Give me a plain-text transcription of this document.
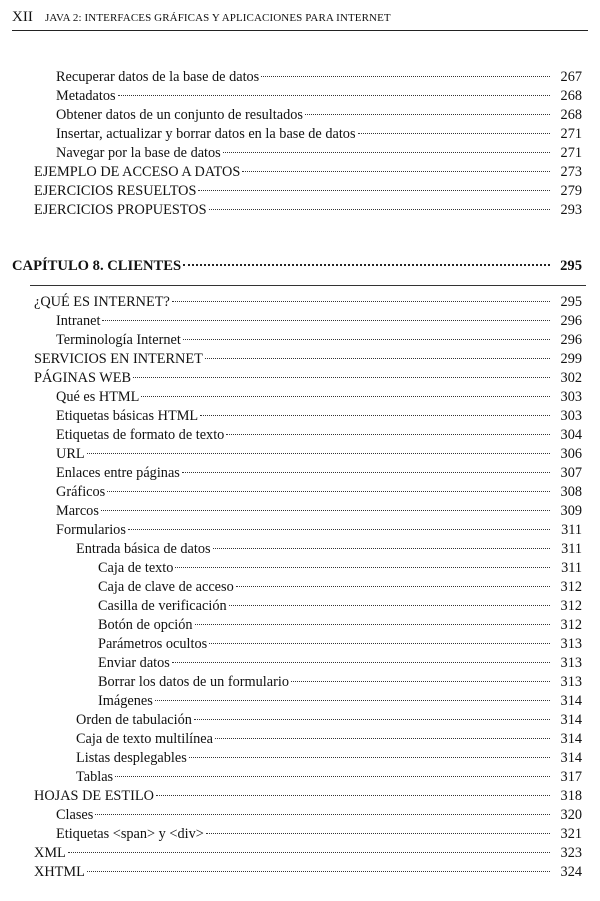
XII JAVA 2: INTERFACES GRÁFICAS Y APLICACIONES PARA INTERNET
Recuperar datos de la base de datos	267
Metadatos	268
Obtener datos de un conjunto de resultados	268
Insertar, actualizar y borrar datos en la base de datos	271
Navegar por la base de datos	271
EJEMPLO DE ACCESO A DATOS	273
EJERCICIOS RESUELTOS	279
EJERCICIOS PROPUESTOS	293
CAPÍTULO 8. CLIENTES	295
¿QUÉ ES INTERNET?	295
Intranet	296
Terminología Internet	296
SERVICIOS EN INTERNET	299
PÁGINAS WEB	302
Qué es HTML	303
Etiquetas básicas HTML	303
Etiquetas de formato de texto	304
URL	306
Enlaces entre páginas	307
Gráficos	308
Marcos	309
Formularios	311
Entrada básica de datos	311
Caja de texto	311
Caja de clave de acceso	312
Casilla de verificación	312
Botón de opción	312
Parámetros ocultos	313
Enviar datos	313
Borrar los datos de un formulario	313
Imágenes	314
Orden de tabulación	314
Caja de texto multilínea	314
Listas desplegables	314
Tablas	317
HOJAS DE ESTILO	318
Clases	320
Etiquetas <span> y <div>	321
XML	323
XHTML	324
